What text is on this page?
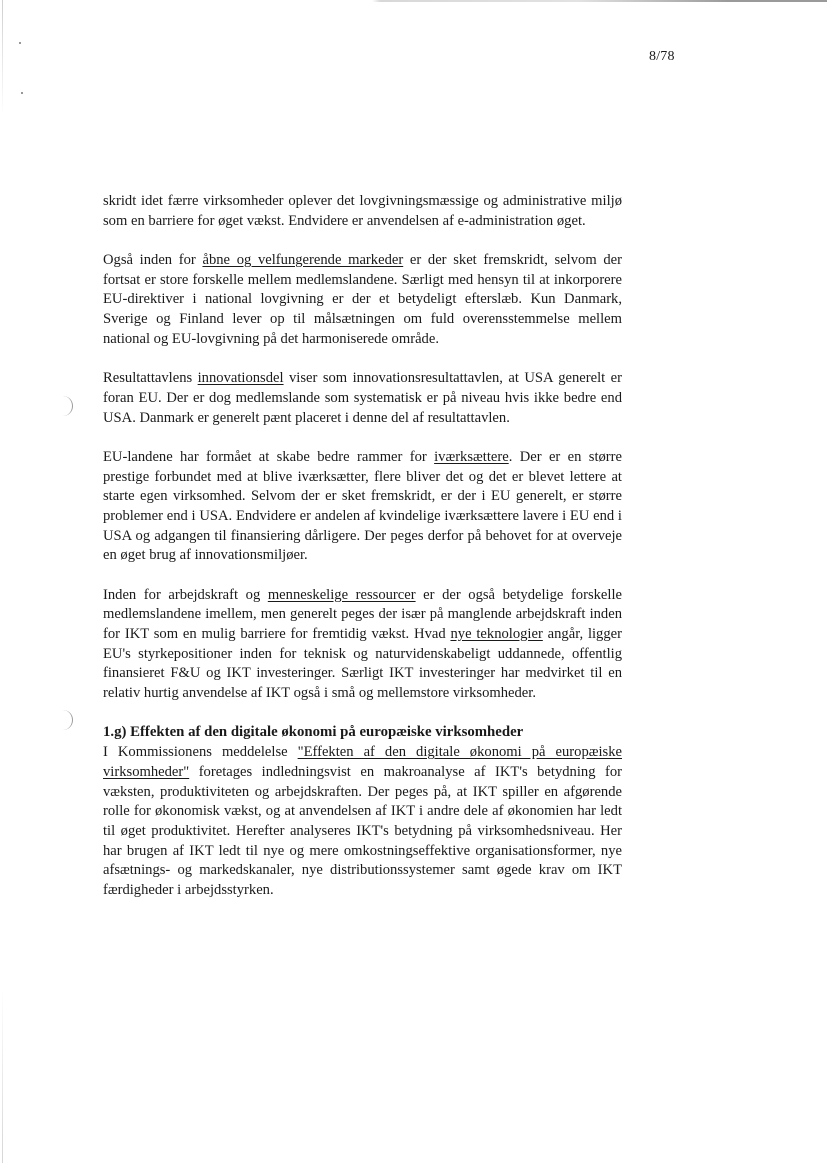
8/78

skridt idet færre virksomheder oplever det lovgivningsmæssige og administrative miljø som en barriere for øget vækst. Endvidere er anvendelsen af e-administration øget.

Også inden for åbne og velfungerende markeder er der sket fremskridt, selvom der fortsat er store forskelle mellem medlemslandene. Særligt med hensyn til at inkorporere EU-direktiver i national lovgivning er der et betydeligt efterslæb. Kun Danmark, Sverige og Finland lever op til målsætningen om fuld overensstemmelse mellem national og EU-lovgivning på det harmoniserede område.

Resultattavlens innovationsdel viser som innovationsresultattavlen, at USA generelt er foran EU. Der er dog medlemslande som systematisk er på niveau hvis ikke bedre end USA. Danmark er generelt pænt placeret i denne del af resultattavlen.

EU-landene har formået at skabe bedre rammer for iværksættere. Der er en større prestige forbundet med at blive iværksætter, flere bliver det og det er blevet lettere at starte egen virksomhed. Selvom der er sket fremskridt, er der i EU generelt, er større problemer end i USA. Endvidere er andelen af kvindelige iværksættere lavere i EU end i USA og adgangen til finansiering dårligere. Der peges derfor på behovet for at overveje en øget brug af innovationsmiljøer.

Inden for arbejdskraft og menneskelige ressourcer er der også betydelige forskelle medlemslandene imellem, men generelt peges der især på manglende arbejdskraft inden for IKT som en mulig barriere for fremtidig vækst. Hvad nye teknologier angår, ligger EU's styrkepositioner inden for teknisk og naturvidenskabeligt uddannede, offentlig finansieret F&U og IKT investeringer. Særligt IKT investeringer har medvirket til en relativ hurtig anvendelse af IKT også i små og mellemstore virksomheder.

1.g) Effekten af den digitale økonomi på europæiske virksomheder

I Kommissionens meddelelse "Effekten af den digitale økonomi på europæiske virksomheder" foretages indledningsvist en makroanalyse af IKT's betydning for væksten, produktiviteten og arbejdskraften. Der peges på, at IKT spiller en afgørende rolle for økonomisk vækst, og at anvendelsen af IKT i andre dele af økonomien har ledt til øget produktivitet. Herefter analyseres IKT's betydning på virksomhedsniveau. Her har brugen af IKT ledt til nye og mere omkostningseffektive organisationsformer, nye afsætnings- og markedskanaler, nye distributionssystemer samt øgede krav om IKT færdigheder i arbejdsstyrken.
